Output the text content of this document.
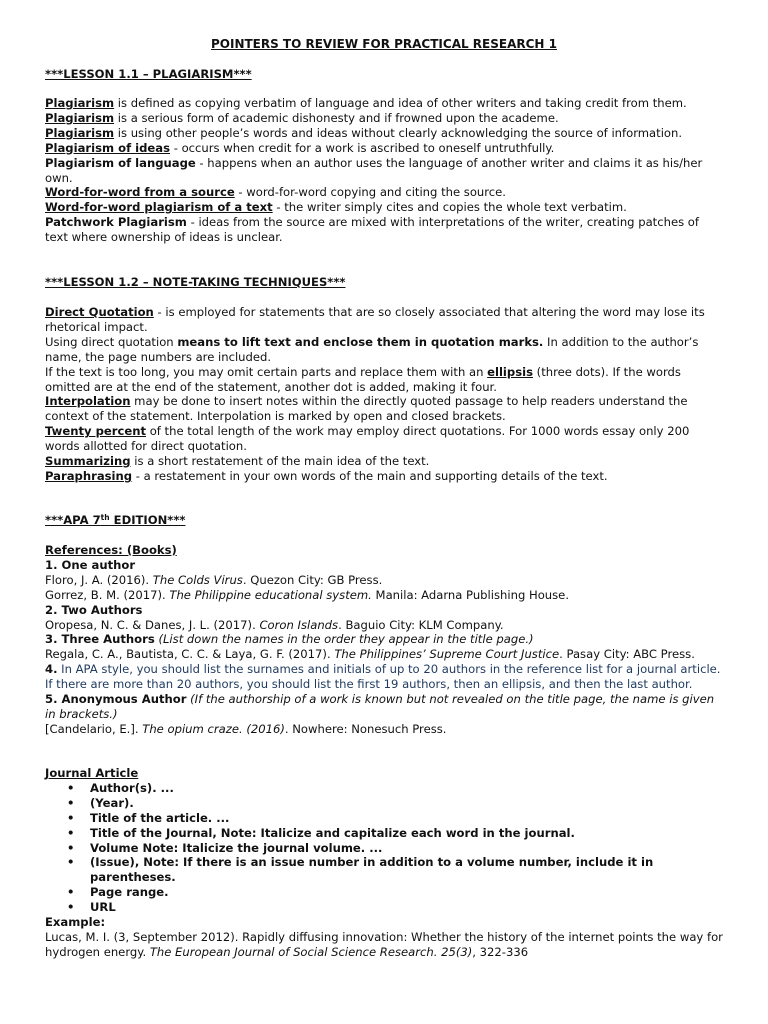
POINTERS TO REVIEW FOR PRACTICAL RESEARCH 1
***LESSON 1.1 – PLAGIARISM***

Plagiarism is defined as copying verbatim of language and idea of other writers and taking credit from them.

Plagiarism is a serious form of academic dishonesty and if frowned upon the academe.

Plagiarism is using other people’s words and ideas without clearly acknowledging the source of information.

Plagiarism of ideas - occurs when credit for a work is ascribed to oneself untruthfully.

Plagiarism of language - happens when an author uses the language of another writer and claims it as his/her own.

Word-for-word from a source - word-for-word copying and citing the source.

Word-for-word plagiarism of a text - the writer simply cites and copies the whole text verbatim.

Patchwork Plagiarism - ideas from the source are mixed with interpretations of the writer, creating patches of text where ownership of ideas is unclear.

***LESSON 1.2 – NOTE-TAKING TECHNIQUES***

Direct Quotation - is employed for statements that are so closely associated that altering the word may lose its rhetorical impact.

Using direct quotation means to lift text and enclose them in quotation marks. In addition to the author’s name, the page numbers are included.

If the text is too long, you may omit certain parts and replace them with an ellipsis (three dots). If the words omitted are at the end of the statement, another dot is added, making it four.

Interpolation may be done to insert notes within the directly quoted passage to help readers understand the context of the statement. Interpolation is marked by open and closed brackets.

Twenty percent of the total length of the work may employ direct quotations. For 1000 words essay only 200 words allotted for direct quotation.

Summarizing is a short restatement of the main idea of the text.

Paraphrasing - a restatement in your own words of the main and supporting details of the text.

***APA 7th EDITION***

References: (Books)

1. One author

Floro, J. A. (2016). The Colds Virus. Quezon City: GB Press.

Gorrez, B. M. (2017). The Philippine educational system. Manila: Adarna Publishing House.

2. Two Authors

Oropesa, N. C. & Danes, J. L. (2017). Coron Islands. Baguio City: KLM Company.

3. Three Authors (List down the names in the order they appear in the title page.)

Regala, C. A., Bautista, C. C. & Laya, G. F. (2017). The Philippines’ Supreme Court Justice. Pasay City: ABC Press.

4. In APA style, you should list the surnames and initials of up to 20 authors in the reference list for a journal article. If there are more than 20 authors, you should list the first 19 authors, then an ellipsis, and then the last author.

5. Anonymous Author (If the authorship of a work is known but not revealed on the title page, the name is given in brackets.)

[Candelario, E.]. The opium craze. (2016). Nowhere: Nonesuch Press.

Journal Article

• Author(s). ...
• (Year).
• Title of the article. ...
• Title of the Journal, Note: Italicize and capitalize each word in the journal.
• Volume Note: Italicize the journal volume. ...
• (Issue), Note: If there is an issue number in addition to a volume number, include it in parentheses.
• Page range.
• URL

Example:

Lucas, M. I. (3, September 2012). Rapidly diffusing innovation: Whether the history of the internet points the way for hydrogen energy. The European Journal of Social Science Research. 25(3), 322-336
